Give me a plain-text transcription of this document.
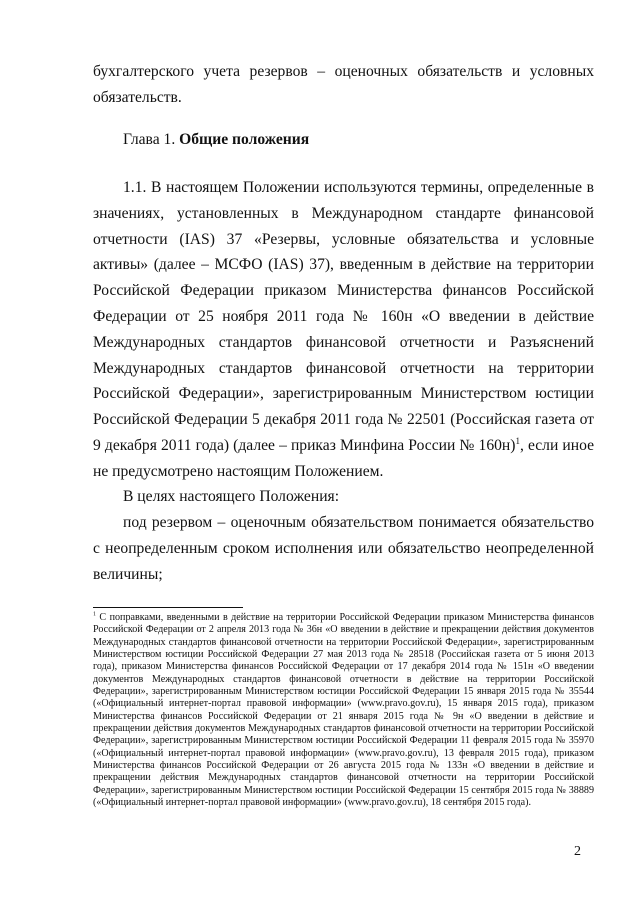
бухгалтерского учета резервов – оценочных обязательств и условных обязательств.

Глава 1. Общие положения

1.1. В настоящем Положении используются термины, определенные в значениях, установленных в Международном стандарте финансовой отчетности (IAS) 37 «Резервы, условные обязательства и условные активы» (далее – МСФО (IAS) 37), введенным в действие на территории Российской Федерации приказом Министерства финансов Российской Федерации от 25 ноября 2011 года № 160н «О введении в действие Международных стандартов финансовой отчетности и Разъяснений Международных стандартов финансовой отчетности на территории Российской Федерации», зарегистрированным Министерством юстиции Российской Федерации 5 декабря 2011 года № 22501 (Российская газета от 9 декабря 2011 года) (далее – приказ Минфина России № 160н)$^1$, если иное не предусмотрено настоящим Положением.

В целях настоящего Положения:

под резервом – оценочным обязательством понимается обязательство с неопределенным сроком исполнения или обязательство неопределенной величины;

$^1$ С поправками, введенными в действие на территории Российской Федерации приказом Министерства финансов Российской Федерации от 2 апреля 2013 года № 36н «О введении в действие и прекращении действия документов Международных стандартов финансовой отчетности на территории Российской Федерации», зарегистрированным Министерством юстиции Российской Федерации 27 мая 2013 года № 28518 (Российская газета от 5 июня 2013 года), приказом Министерства финансов Российской Федерации от 17 декабря 2014 года № 151н «О введении документов Международных стандартов финансовой отчетности в действие на территории Российской Федерации», зарегистрированным Министерством юстиции Российской Федерации 15 января 2015 года № 35544 («Официальный интернет-портал правовой информации» (www.pravo.gov.ru), 15 января 2015 года), приказом Министерства финансов Российской Федерации от 21 января 2015 года № 9н «О введении в действие и прекращении действия документов Международных стандартов финансовой отчетности на территории Российской Федерации», зарегистрированным Министерством юстиции Российской Федерации 11 февраля 2015 года № 35970 («Официальный интернет-портал правовой информации» (www.pravo.gov.ru), 13 февраля 2015 года), приказом Министерства финансов Российской Федерации от 26 августа 2015 года № 133н «О введении в действие и прекращении действия Международных стандартов финансовой отчетности на территории Российской Федерации», зарегистрированным Министерством юстиции Российской Федерации 15 сентября 2015 года № 38889 («Официальный интернет-портал правовой информации» (www.pravo.gov.ru), 18 сентября 2015 года).

2
